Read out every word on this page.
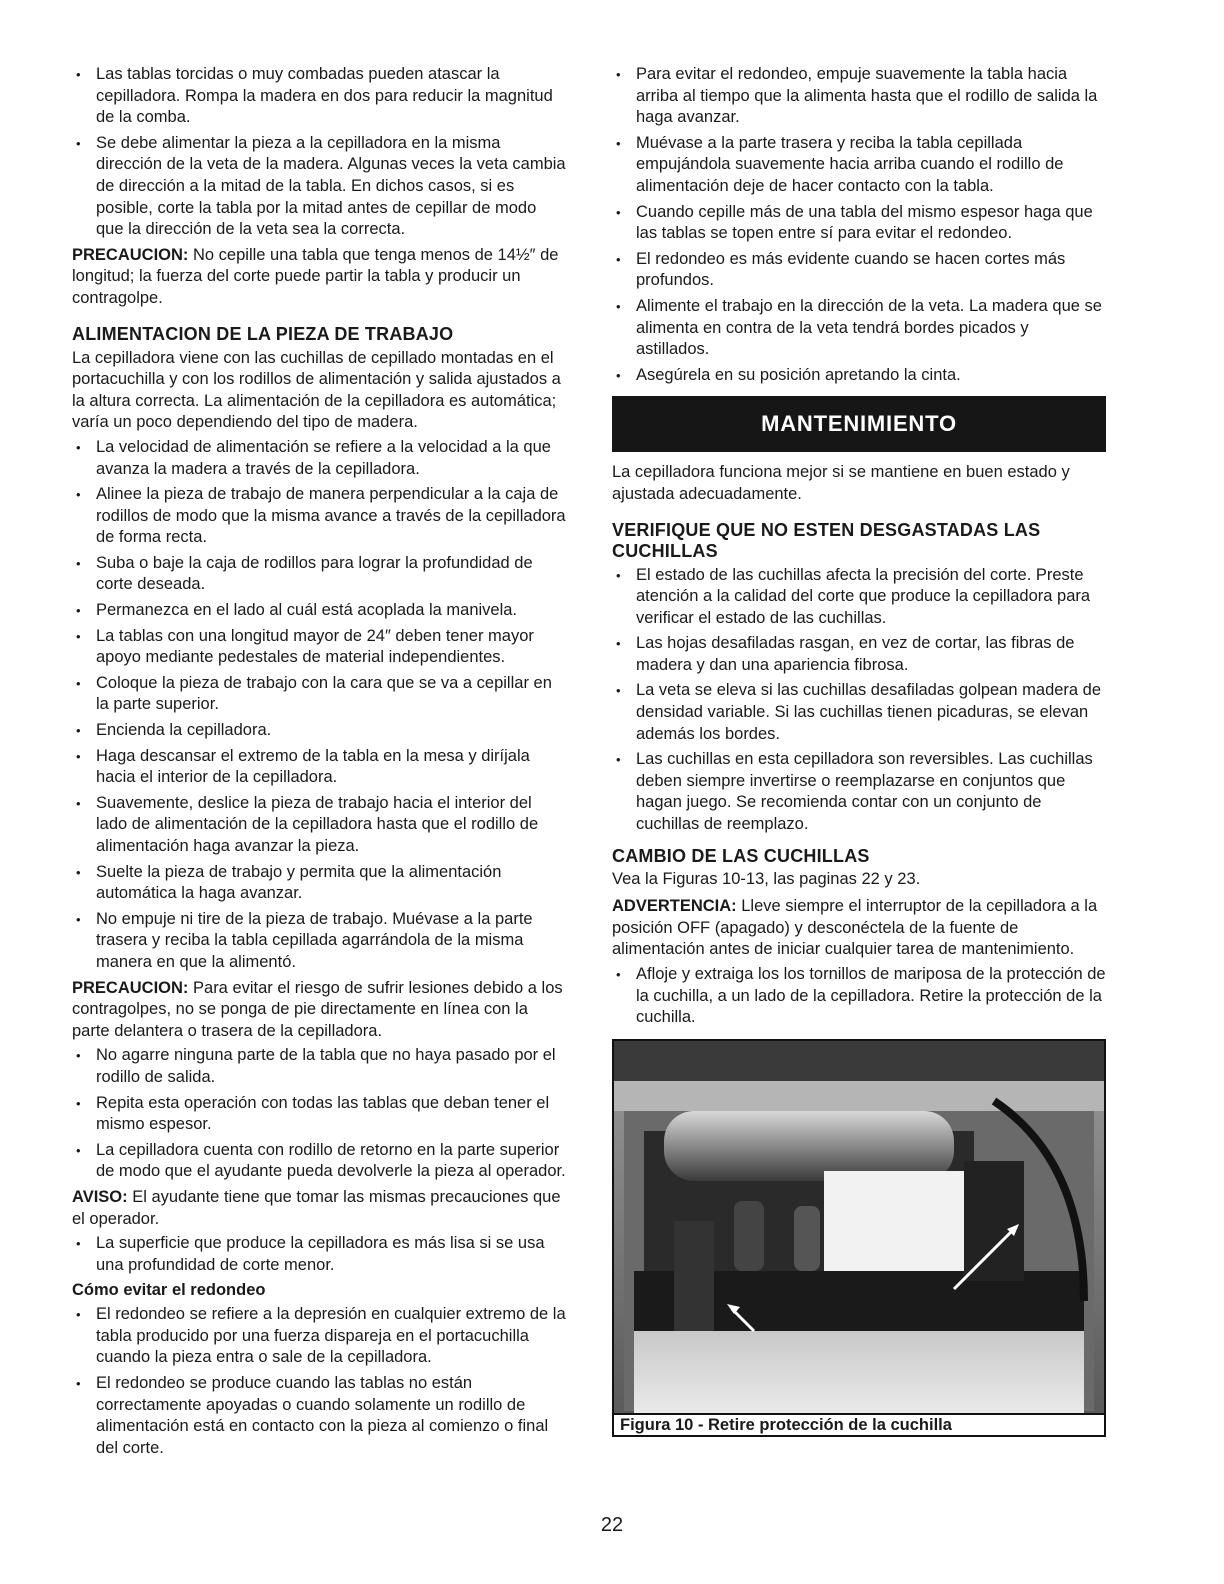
• Las tablas torcidas o muy combadas pueden atascar la cepilladora. Rompa la madera en dos para reducir la magnitud de la comba.
• Se debe alimentar la pieza a la cepilladora en la misma dirección de la veta de la madera. Algunas veces la veta cambia de dirección a la mitad de la tabla. En dichos casos, si es posible, corte la tabla por la mitad antes de cepillar de modo que la dirección de la veta sea la correcta.

PRECAUCION: No cepille una tabla que tenga menos de 14½″ de longitud; la fuerza del corte puede partir la tabla y producir un contragolpe.

ALIMENTACION DE LA PIEZA DE TRABAJO

La cepilladora viene con las cuchillas de cepillado montadas en el portacuchilla y con los rodillos de alimentación y salida ajustados a la altura correcta. La alimentación de la cepilladora es automática; varía un poco dependiendo del tipo de madera.

• La velocidad de alimentación se refiere a la velocidad a la que avanza la madera a través de la cepilladora.
• Alinee la pieza de trabajo de manera perpendicular a la caja de rodillos de modo que la misma avance a través de la cepilladora de forma recta.
• Suba o baje la caja de rodillos para lograr la profundidad de corte deseada.
• Permanezca en el lado al cuál está acoplada la manivela.
• La tablas con una longitud mayor de 24″ deben tener mayor apoyo mediante pedestales de material independientes.
• Coloque la pieza de trabajo con la cara que se va a cepillar en la parte superior.
• Encienda la cepilladora.
• Haga descansar el extremo de la tabla en la mesa y diríjala hacia el interior de la cepilladora.
• Suavemente, deslice la pieza de trabajo hacia el interior del lado de alimentación de la cepilladora hasta que el rodillo de alimentación haga avanzar la pieza.
• Suelte la pieza de trabajo y permita que la alimentación automática la haga avanzar.
• No empuje ni tire de la pieza de trabajo. Muévase a la parte trasera y reciba la tabla cepillada agarrándola de la misma manera en que la alimentó.

PRECAUCION: Para evitar el riesgo de sufrir lesiones debido a los contragolpes, no se ponga de pie directamente en línea con la parte delantera o trasera de la cepilladora.

• No agarre ninguna parte de la tabla que no haya pasado por el rodillo de salida.
• Repita esta operación con todas las tablas que deban tener el mismo espesor.
• La cepilladora cuenta con rodillo de retorno en la parte superior de modo que el ayudante pueda devolverle la pieza al operador.

AVISO: El ayudante tiene que tomar las mismas precauciones que el operador.

• La superficie que produce la cepilladora es más lisa si se usa una profundidad de corte menor.
Cómo evitar el redondeo
• El redondeo se refiere a la depresión en cualquier extremo de la tabla producido por una fuerza dispareja en el portacuchilla cuando la pieza entra o sale de la cepilladora.
• El redondeo se produce cuando las tablas no están correctamente apoyadas o cuando solamente un rodillo de alimentación está en contacto con la pieza al comienzo o final del corte.
• Para evitar el redondeo, empuje suavemente la tabla hacia arriba al tiempo que la alimenta hasta que el rodillo de salida la haga avanzar.
• Muévase a la parte trasera y reciba la tabla cepillada empujándola suavemente hacia arriba cuando el rodillo de alimentación deje de hacer contacto con la tabla.
• Cuando cepille más de una tabla del mismo espesor haga que las tablas se topen entre sí para evitar el redondeo.
• El redondeo es más evidente cuando se hacen cortes más profundos.
• Alimente el trabajo en la dirección de la veta. La madera que se alimenta en contra de la veta tendrá bordes picados y astillados.
• Asegúrela en su posición apretando la cinta.
MANTENIMIENTO

La cepilladora funciona mejor si se mantiene en buen estado y ajustada adecuadamente.

VERIFIQUE QUE NO ESTEN DESGASTADAS LAS CUCHILLAS
• El estado de las cuchillas afecta la precisión del corte. Preste atención a la calidad del corte que produce la cepilladora para verificar el estado de las cuchillas.
• Las hojas desafiladas rasgan, en vez de cortar, las fibras de madera y dan una apariencia fibrosa.
• La veta se eleva si las cuchillas desafiladas golpean madera de densidad variable. Si las cuchillas tienen picaduras, se elevan además los bordes.
• Las cuchillas en esta cepilladora son reversibles. Las cuchillas deben siempre invertirse o reemplazarse en conjuntos que hagan juego. Se recomienda contar con un conjunto de cuchillas de reemplazo.
CAMBIO DE LAS CUCHILLAS

Vea la Figuras 10-13, las paginas 22 y 23.

ADVERTENCIA: Lleve siempre el interruptor de la cepilladora a la posición OFF (apagado) y desconéctela de la fuente de alimentación antes de iniciar cualquier tarea de mantenimiento.

• Afloje y extraiga los los tornillos de mariposa de la protección de la cuchilla, a un lado de la cepilladora. Retire la protección de la cuchilla.
Figura 10 - Retire protección de la cuchilla
22
